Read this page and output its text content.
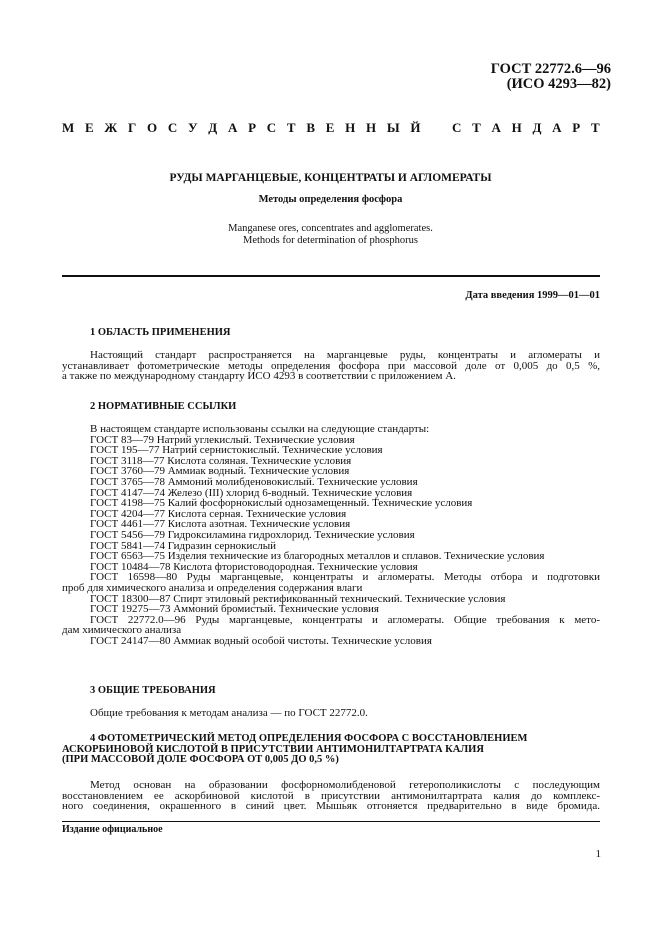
ГОСТ 22772.6—96
(ИСО 4293—82)
М Е Ж Г О С У Д А Р С Т В Е Н Н Ы Й С Т А Н Д А Р Т
РУДЫ МАРГАНЦЕВЫЕ, КОНЦЕНТРАТЫ И АГЛОМЕРАТЫ
Методы определения фосфора
Manganese ores, concentrates and agglomerates.
Methods for determination of phosphorus
Дата введения 1999—01—01
1 ОБЛАСТЬ ПРИМЕНЕНИЯ
Настоящий стандарт распространяется на марганцевые руды, концентраты и агломераты и
устанавливает фотометрические методы определения фосфора при массовой доле от 0,005 до 0,5 %,
а также по международному стандарту ИСО 4293 в соответствии с приложением А.
2 НОРМАТИВНЫЕ ССЫЛКИ
В настоящем стандарте использованы ссылки на следующие стандарты:
ГОСТ 83—79 Натрий углекислый. Технические условия
ГОСТ 195—77 Натрий сернистокислый. Технические условия
ГОСТ 3118—77 Кислота соляная. Технические условия
ГОСТ 3760—79 Аммиак водный. Технические условия
ГОСТ 3765—78 Аммоний молибденовокислый. Технические условия
ГОСТ 4147—74 Железо (III) хлорид 6-водный. Технические условия
ГОСТ 4198—75 Калий фосфорнокислый однозамещенный. Технические условия
ГОСТ 4204—77 Кислота серная. Технические условия
ГОСТ 4461—77 Кислота азотная. Технические условия
ГОСТ 5456—79 Гидроксиламина гидрохлорид. Технические условия
ГОСТ 5841—74 Гидразин сернокислый
ГОСТ 6563—75 Изделия технические из благородных металлов и сплавов. Технические условия
ГОСТ 10484—78 Кислота фтористоводородная. Технические условия
ГОСТ 16598—80 Руды марганцевые, концентраты и агломераты. Методы отбора и подготовки
проб для химического анализа и определения содержания влаги
ГОСТ 18300—87 Спирт этиловый ректификованный технический. Технические условия
ГОСТ 19275—73 Аммоний бромистый. Технические условия
ГОСТ 22772.0—96 Руды марганцевые, концентраты и агломераты. Общие требования к мето-
дам химического анализа
ГОСТ 24147—80 Аммиак водный особой чистоты. Технические условия
3 ОБЩИЕ ТРЕБОВАНИЯ
Общие требования к методам анализа — по ГОСТ 22772.0.
4 ФОТОМЕТРИЧЕСКИЙ МЕТОД ОПРЕДЕЛЕНИЯ ФОСФОРА С ВОССТАНОВЛЕНИЕМ
АСКОРБИНОВОЙ КИСЛОТОЙ В ПРИСУТСТВИИ АНТИМОНИЛТАРТРАТА КАЛИЯ
(ПРИ МАССОВОЙ ДОЛЕ ФОСФОРА ОТ 0,005 ДО 0,5 %)
Метод основан на образовании фосфорномолибденовой гетерополикислоты с последующим
восстановлением ее аскорбиновой кислотой в присутствии антимонилтартрата калия до комплекс-
ного соединения, окрашенного в синий цвет. Мышьяк отгоняется предварительно в виде бромида.
Издание официальное
1
